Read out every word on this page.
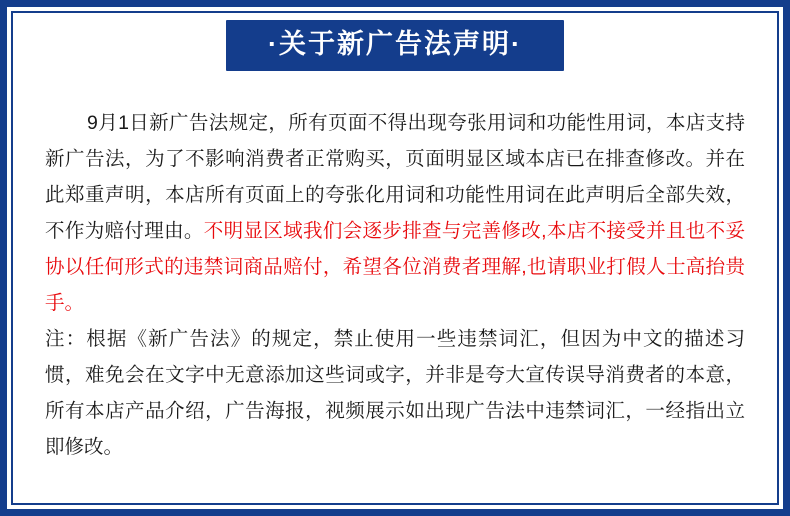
·关于新广告法声明·

9月1日新广告法规定，所有页面不得出现夸张用词和功能性用词，本店支持新广告法，为了不影响消费者正常购买，页面明显区域本店已在排查修改。并在此郑重声明，本店所有页面上的夸张化用词和功能性用词在此声明后全部失效，不作为赔付理由。不明显区域我们会逐步排查与完善修改,本店不接受并且也不妥协以任何形式的违禁词商品赔付，希望各位消费者理解,也请职业打假人士高抬贵手。

注：根据《新广告法》的规定，禁止使用一些违禁词汇，但因为中文的描述习惯，难免会在文字中无意添加这些词或字，并非是夸大宣传误导消费者的本意，所有本店产品介绍，广告海报，视频展示如出现广告法中违禁词汇，一经指出立即修改。
